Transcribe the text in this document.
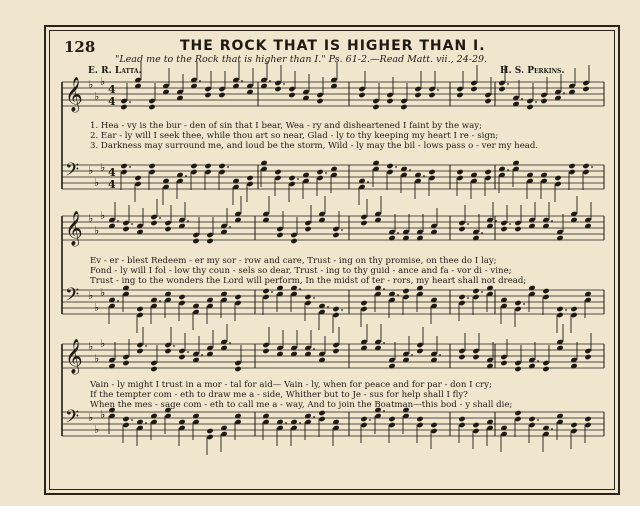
128	THE ROCK THAT IS HIGHER THAN I.
"Lead me to the Rock that is higher than I." Ps. 61-2.—Read Matt. vii., 24-29.
E. R. Latta.	H. S. Perkins.
𝄞 ♭
♭
♭
4
4
𝄢 ♭
♭
♭ 4
4
𝄞 ♭
♭
♭
𝄢 ♭
♭
♭
𝄞 ♭
♭
♭
𝄢 ♭
♭
♭
1. Hea - vy is the bur - den of sin that I bear, Wea - ry and disheartened I faint by the way;
2. Ear - ly will I seek thee, while thou art so near, Glad - ly to thy keeping my heart I re - sign;
3. Darkness may surround me, and loud be the storm, Wild - ly may the bil - lows pass o - ver my head.
Ev - er - blest Redeem - er my sor - row and care, Trust - ing on thy promise, on thee do I lay;
Fond - ly will I fol - low thy coun - sels so dear, Trust - ing to thy guid - ance and fa - vor di - vine;
Trust - ing to the wonders the Lord will perform, In the midst of ter - rors, my heart shall not dread;
Vain - ly might I trust in a mor - tal for aid— Vain - ly, when for peace and for par - don I cry;
If the tempter com - eth to draw me a - side, Whither but to Je - sus for help shall I fly?
When the mes - sage com - eth to call me a - way, And to join the Boatman—this bod - y shall die;
